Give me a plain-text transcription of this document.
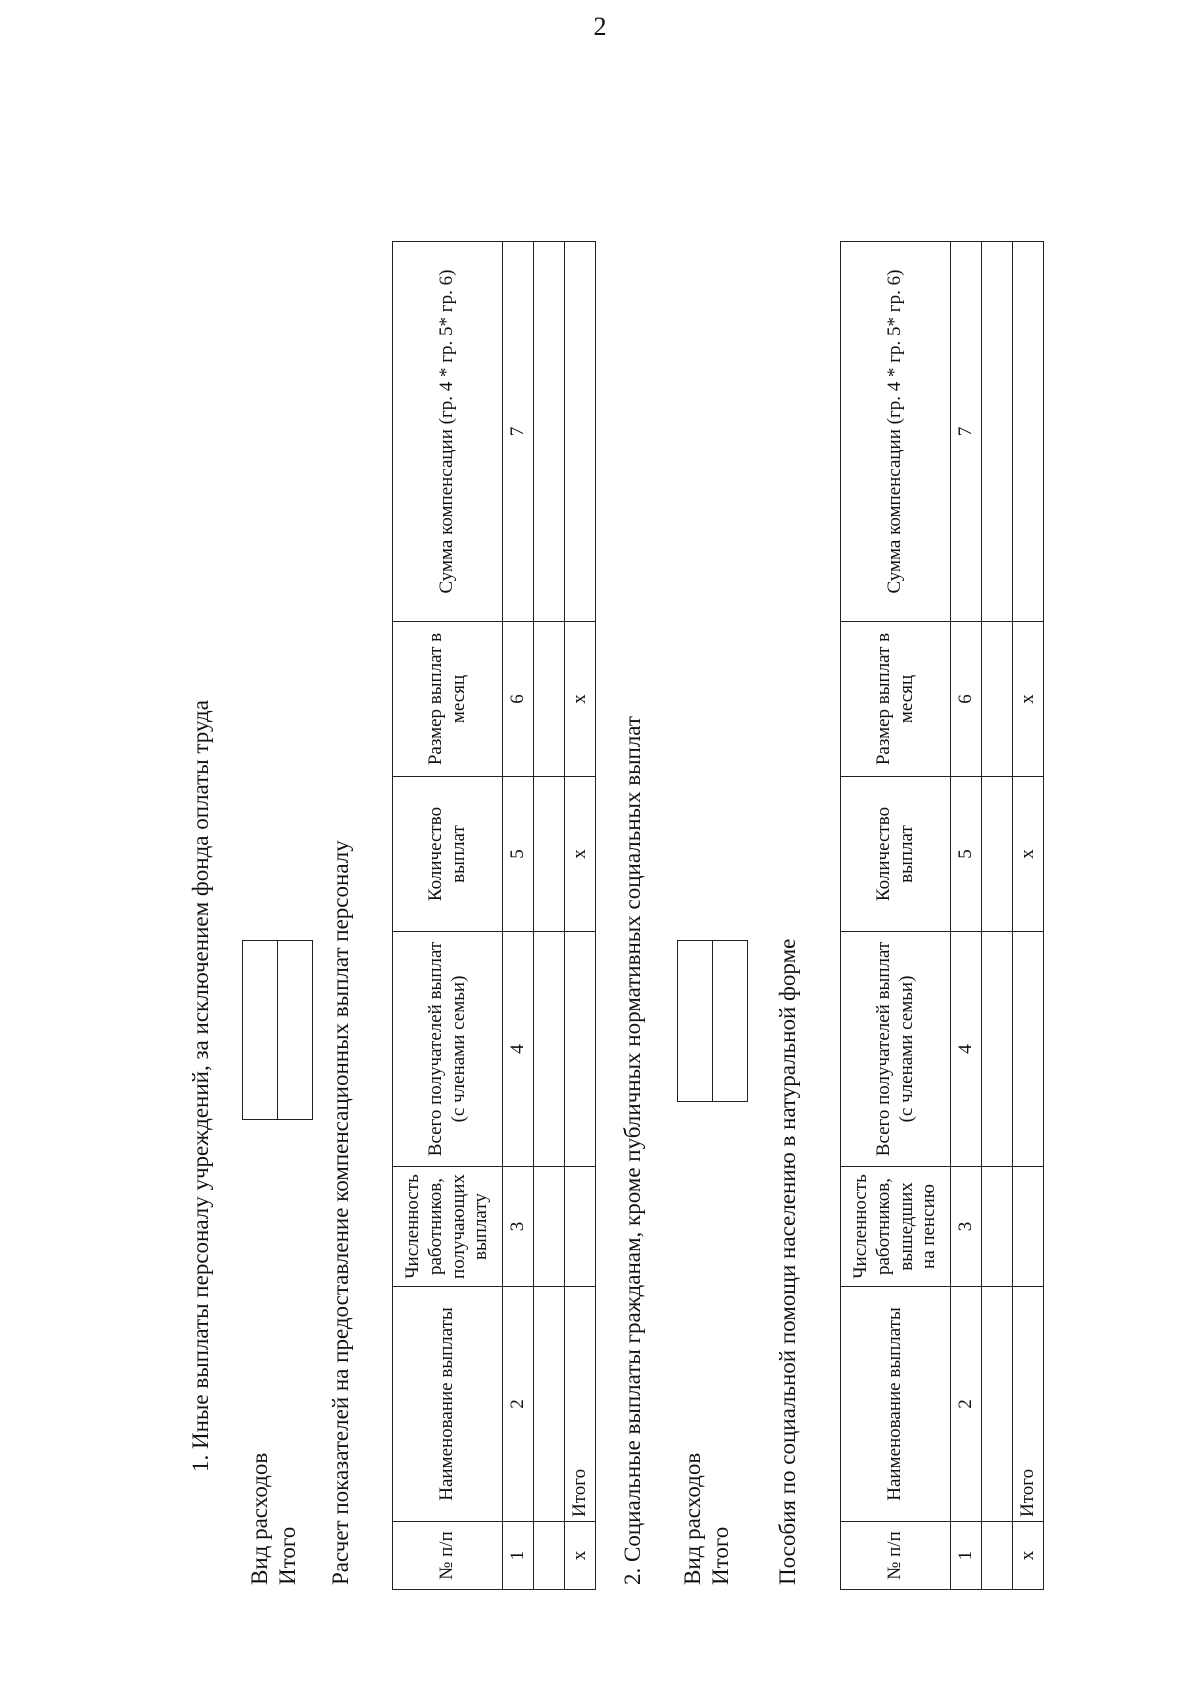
2
1. Иные выплаты персоналу учреждений, за исключением фонда оплаты труда
Вид расходов Итого Расчет показателей на предоставление компенсационных выплат персоналу	№ п/п	Наименование выплаты	Численность работников, получающих выплату	Всего получателей выплат (с членами семьи)	Количество выплат	Размер выплат в месяц	Сумма компенсации (гр. 4 * гр. 5* гр. 6)
1	2	3	4	5	6	7

х	Итого			х	х	
2. Социальные выплаты гражданам, кроме публичных нормативных социальных выплат Вид расходов Итого Пособия по социальной помощи населению в натуральной форме	№ п/п	Наименование выплаты	Численность работников, вышедших на пенсию	Всего получателей выплат (с членами семьи)	Количество выплат	Размер выплат в месяц	Сумма компенсации (гр. 4 * гр. 5* гр. 6)
1	2	3	4	5	6	7

х	Итого			х	х	
